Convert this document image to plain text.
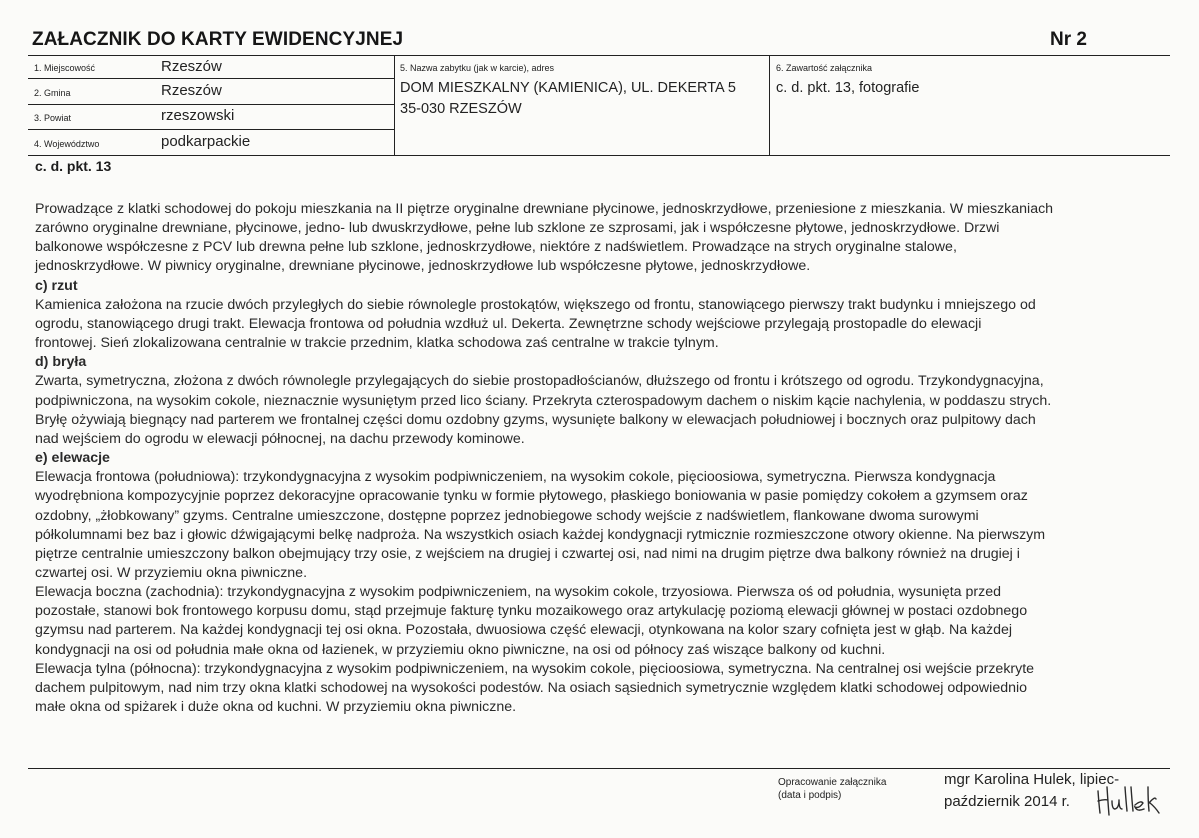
ZAŁACZNIK DO KARTY EWIDENCYJNEJ	Nr 2
1. Miejscowość	Rzeszów
2. Gmina	Rzeszów
3. Powiat	rzeszowski
4. Województwo	podkarpackie
5. Nazwa zabytku (jak w karcie), adres
DOM MIESZKALNY (KAMIENICA), UL. DEKERTA 5
35-030 RZESZÓW
6. Zawartość załącznika
c. d. pkt. 13, fotografie
c. d. pkt. 13
Prowadzące z klatki schodowej do pokoju mieszkania na II piętrze oryginalne drewniane płycinowe, jednoskrzydłowe, przeniesione z mieszkania. W mieszkaniach
zarówno oryginalne drewniane, płycinowe, jedno- lub dwuskrzydłowe, pełne lub szklone ze szprosami, jak i współczesne płytowe, jednoskrzydłowe. Drzwi
balkonowe współczesne z PCV lub drewna pełne lub szklone, jednoskrzydłowe, niektóre z nadświetlem. Prowadzące na strych oryginalne stalowe,
jednoskrzydłowe. W piwnicy oryginalne, drewniane płycinowe, jednoskrzydłowe lub współczesne płytowe, jednoskrzydłowe.
c) rzut
Kamienica założona na rzucie dwóch przyległych do siebie równolegle prostokątów, większego od frontu, stanowiącego pierwszy trakt budynku i mniejszego od
ogrodu, stanowiącego drugi trakt. Elewacja frontowa od południa wzdłuż ul. Dekerta. Zewnętrzne schody wejściowe przylegają prostopadle do elewacji
frontowej. Sień zlokalizowana centralnie w trakcie przednim, klatka schodowa zaś centralne w trakcie tylnym.
d) bryła
Zwarta, symetryczna, złożona z dwóch równolegle przylegających do siebie prostopadłościanów, dłuższego od frontu i krótszego od ogrodu. Trzykondygnacyjna,
podpiwniczona, na wysokim cokole, nieznacznie wysuniętym przed lico ściany. Przekryta czterospadowym dachem o niskim kącie nachylenia, w poddaszu strych.
Bryłę ożywiają biegnący nad parterem we frontalnej części domu ozdobny gzyms, wysunięte balkony w elewacjach południowej i bocznych oraz pulpitowy dach
nad wejściem do ogrodu w elewacji północnej, na dachu przewody kominowe.
e) elewacje
Elewacja frontowa (południowa): trzykondygnacyjna z wysokim podpiwniczeniem, na wysokim cokole, pięcioosiowa, symetryczna. Pierwsza kondygnacja
wyodrębniona kompozycyjnie poprzez dekoracyjne opracowanie tynku w formie płytowego, płaskiego boniowania w pasie pomiędzy cokołem a gzymsem oraz
ozdobny, „żłobkowany” gzyms. Centralne umieszczone, dostępne poprzez jednobiegowe schody wejście z nadświetlem, flankowane dwoma surowymi
półkolumnami bez baz i głowic dźwigającymi belkę nadproża. Na wszystkich osiach każdej kondygnacji rytmicznie rozmieszczone otwory okienne. Na pierwszym
piętrze centralnie umieszczony balkon obejmujący trzy osie, z wejściem na drugiej i czwartej osi, nad nimi na drugim piętrze dwa balkony również na drugiej i
czwartej osi. W przyziemiu okna piwniczne.
Elewacja boczna (zachodnia): trzykondygnacyjna z wysokim podpiwniczeniem, na wysokim cokole, trzyosiowa. Pierwsza oś od południa, wysunięta przed
pozostałe, stanowi bok frontowego korpusu domu, stąd przejmuje fakturę tynku mozaikowego oraz artykulację poziomą elewacji głównej w postaci ozdobnego
gzymsu nad parterem. Na każdej kondygnacji tej osi okna. Pozostała, dwuosiowa część elewacji, otynkowana na kolor szary cofnięta jest w głąb. Na każdej
kondygnacji na osi od południa małe okna od łazienek, w przyziemiu okno piwniczne, na osi od północy zaś wiszące balkony od kuchni.
Elewacja tylna (północna): trzykondygnacyjna z wysokim podpiwniczeniem, na wysokim cokole, pięcioosiowa, symetryczna. Na centralnej osi wejście przekryte
dachem pulpitowym, nad nim trzy okna klatki schodowej na wysokości podestów. Na osiach sąsiednich symetrycznie względem klatki schodowej odpowiednio
małe okna od spiżarek i duże okna od kuchni. W przyziemiu okna piwniczne.
Opracowanie załącznika
(data i podpis)
mgr Karolina Hulek, lipiec-
październik 2014 r.
